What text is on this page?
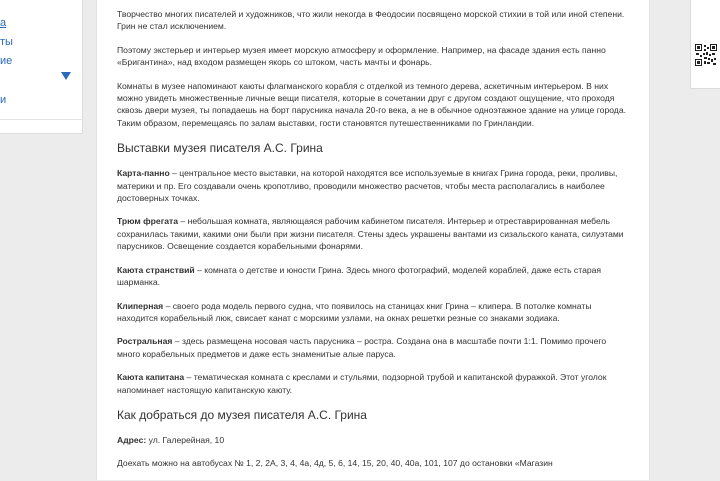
а
ты
ие
и

Творчество многих писателей и художников, что жили некогда в Феодосии посвящено морской стихии в той или иной степени. Грин не стал исключением.

Поэтому экстерьер и интерьер музея имеет морскую атмосферу и оформление. Например, на фасаде здания есть панно «Бригантина», над входом размещен якорь со штоком, часть мачты и фонарь.

Комнаты в музее напоминают каюты флагманского корабля с отделкой из темного дерева, аскетичным интерьером. В них можно увидеть множественные личные вещи писателя, которые в сочетании друг с другом создают ощущение, что проходя сквозь двери музея, ты попадаешь на борт парусника начала 20-го века, а не в обычное одноэтажное здание на улице города. Таким образом, перемещаясь по залам выставки, гости становятся путешественниками по Гринландии.

Выставки музея писателя А.С. Грина

Карта-панно – центральное место выставки, на которой находятся все используемые в книгах Грина города, реки, проливы, материки и пр. Его создавали очень кропотливо, проводили множество расчетов, чтобы места располагались в наиболее достоверных точках.

Трюм фрегата – небольшая комната, являющаяся рабочим кабинетом писателя. Интерьер и отреставрированная мебель сохранилась такими, какими они были при жизни писателя. Стены здесь украшены вантами из сизальского каната, силуэтами парусников. Освещение создается корабельными фонарями.

Каюта странствий – комната о детстве и юности Грина. Здесь много фотографий, моделей кораблей, даже есть старая шарманка.

Клиперная – своего рода модель первого судна, что появилось на станицах книг Грина – клипера. В потолке комнаты находится корабельный люк, свисает канат с морскими узлами, на окнах решетки резные со знаками зодиака.

Ростральная – здесь размещена носовая часть парусника – ростра. Создана она в масштабе почти 1:1. Помимо прочего много корабельных предметов и даже есть знаменитые алые паруса.

Каюта капитана – тематическая комната с креслами и стульями, подзорной трубой и капитанской фуражкой. Этот уголок напоминает настоящую капитанскую каюту.

Как добраться до музея писателя А.С. Грина

Адрес: ул. Галерейная, 10

Доехать можно на автобусах № 1, 2, 2А, 3, 4, 4а, 4д, 5, 6, 14, 15, 20, 40, 40а, 101, 107 до остановки «Магазин
